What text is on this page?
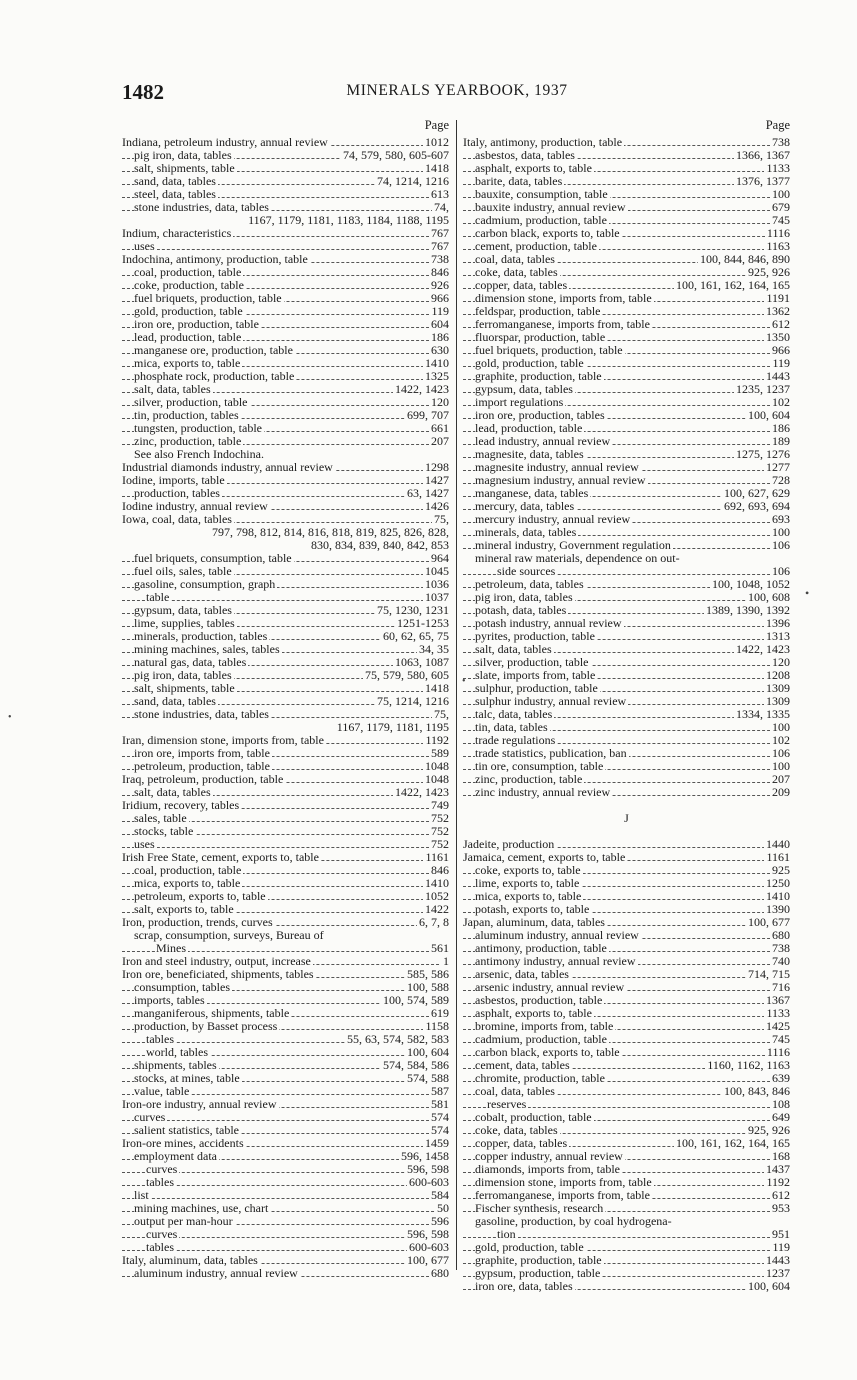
1482	MINERALS YEARBOOK, 1937
Page
Indiana, petroleum industry, annual review	1012
pig iron, data, tables	74, 579, 580, 605-607
salt, shipments, table	1418
sand, data, tables	74, 1214, 1216
steel, data, tables	613
stone industries, data, tables	74,
1167, 1179, 1181, 1183, 1184, 1188, 1195
Indium, characteristics	767
uses	767
Indochina, antimony, production, table	738
coal, production, table	846
coke, production, table	926
fuel briquets, production, table	966
gold, production, table	119
iron ore, production, table	604
lead, production, table	186
manganese ore, production, table	630
mica, exports to, table	1410
phosphate rock, production, table	1325
salt, data, tables	1422, 1423
silver, production, table	120
tin, production, tables	699, 707
tungsten, production, table	661
zinc, production, table	207
See also French Indochina.
Industrial diamonds industry, annual review	1298
Iodine, imports, table	1427
production, tables	63, 1427
Iodine industry, annual review	1426
Iowa, coal, data, tables	75,
797, 798, 812, 814, 816, 818, 819, 825, 826, 828,
830, 834, 839, 840, 842, 853
fuel briquets, consumption, table	964
fuel oils, sales, table	1045
gasoline, consumption, graph	1036
table	1037
gypsum, data, tables	75, 1230, 1231
lime, supplies, tables	1251-1253
minerals, production, tables	60, 62, 65, 75
mining machines, sales, tables	34, 35
natural gas, data, tables	1063, 1087
pig iron, data, tables	75, 579, 580, 605
salt, shipments, table	1418
sand, data, tables	75, 1214, 1216
stone industries, data, tables	75,
1167, 1179, 1181, 1195
Iran, dimension stone, imports from, table	1192
iron ore, imports from, table	589
petroleum, production, table	1048
Iraq, petroleum, production, table	1048
salt, data, tables	1422, 1423
Iridium, recovery, tables	749
sales, table	752
stocks, table	752
uses	752
Irish Free State, cement, exports to, table	1161
coal, production, table	846
mica, exports to, table	1410
petroleum, exports to, table	1052
salt, exports to, table	1422
Iron, production, trends, curves	6, 7, 8
scrap, consumption, surveys, Bureau of
Mines	561
Iron and steel industry, output, increase	1
Iron ore, beneficiated, shipments, tables	585, 586
consumption, tables	100, 588
imports, tables	100, 574, 589
manganiferous, shipments, table	619
production, by Basset process	1158
tables	55, 63, 574, 582, 583
world, tables	100, 604
shipments, tables	574, 584, 586
stocks, at mines, table	574, 588
value, table	587
Iron-ore industry, annual review	581
curves	574
salient statistics, table	574
Iron-ore mines, accidents	1459
employment data	596, 1458
curves	596, 598
tables	600-603
list	584
mining machines, use, chart	50
output per man-hour	596
curves	596, 598
tables	600-603
Italy, aluminum, data, tables	100, 677
aluminum industry, annual review	680
Page
Italy, antimony, production, table	738
asbestos, data, tables	1366, 1367
asphalt, exports to, table	1133
barite, data, tables	1376, 1377
bauxite, consumption, table	100
bauxite industry, annual review	679
cadmium, production, table	745
carbon black, exports to, table	1116
cement, production, table	1163
coal, data, tables	100, 844, 846, 890
coke, data, tables	925, 926
copper, data, tables	100, 161, 162, 164, 165
dimension stone, imports from, table	1191
feldspar, production, table	1362
ferromanganese, imports from, table	612
fluorspar, production, table	1350
fuel briquets, production, table	966
gold, production, table	119
graphite, production, table	1443
gypsum, data, tables	1235, 1237
import regulations	102
iron ore, production, tables	100, 604
lead, production, table	186
lead industry, annual review	189
magnesite, data, tables	1275, 1276
magnesite industry, annual review	1277
magnesium industry, annual review	728
manganese, data, tables	100, 627, 629
mercury, data, tables	692, 693, 694
mercury industry, annual review	693
minerals, data, tables	100
mineral industry, Government regulation	106
mineral raw materials, dependence on out-
side sources	106
petroleum, data, tables	100, 1048, 1052
pig iron, data, tables	100, 608
potash, data, tables	1389, 1390, 1392
potash industry, annual review	1396
pyrites, production, table	1313
salt, data, tables	1422, 1423
silver, production, table	120
slate, imports from, table	1208
sulphur, production, table	1309
sulphur industry, annual review	1309
talc, data, tables	1334, 1335
tin, data, tables	100
trade regulations	102
trade statistics, publication, ban	106
tin ore, consumption, table	100
zinc, production, table	207
zinc industry, annual review	209
J
Jadeite, production	1440
Jamaica, cement, exports to, table	1161
coke, exports to, table	925
lime, exports to, table	1250
mica, exports to, table	1410
potash, exports to, table	1390
Japan, aluminum, data, tables	100, 677
aluminum industry, annual review	680
antimony, production, table	738
antimony industry, annual review	740
arsenic, data, tables	714, 715
arsenic industry, annual review	716
asbestos, production, table	1367
asphalt, exports to, table	1133
bromine, imports from, table	1425
cadmium, production, table	745
carbon black, exports to, table	1116
cement, data, tables	1160, 1162, 1163
chromite, production, table	639
coal, data, tables	100, 843, 846
reserves	108
cobalt, production, table	649
coke, data, tables	925, 926
copper, data, tables	100, 161, 162, 164, 165
copper industry, annual review	168
diamonds, imports from, table	1437
dimension stone, imports from, table	1192
ferromanganese, imports from, table	612
Fischer synthesis, research	953
gasoline, production, by coal hydrogena-
tion	951
gold, production, table	119
graphite, production, table	1443
gypsum, production, table	1237
iron ore, data, tables	100, 604
•
•
•
